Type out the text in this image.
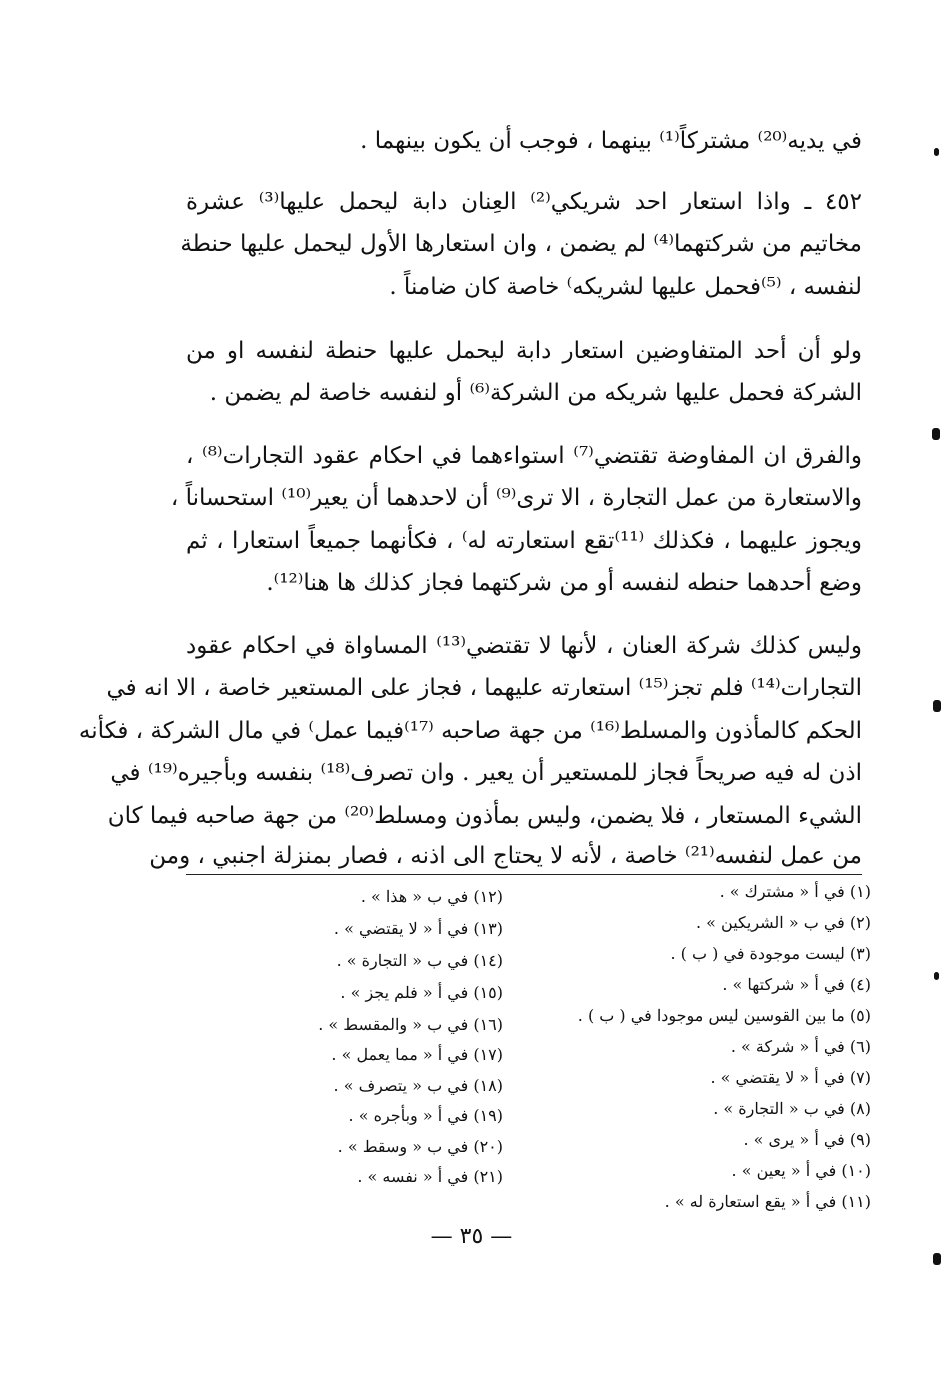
في يديه⁽²⁰⁾ مشتركاً⁽¹⁾ بينهما ، فوجب أن يكون بينهما .
٤٥٢ ـ واذا استعار احد شريكي⁽²⁾ العِنان دابة ليحمل عليها⁽³⁾ عشرة
مخاتيم من شركتهما⁽⁴⁾ لم يضمن ، وان استعارها الأول ليحمل عليها حنطة
لنفسه ، ⁽⁵⁾فحمل عليها لشريكه⁾ خاصة كان ضامناً .
ولو أن أحد المتفاوضين استعار دابة ليحمل عليها حنطة لنفسه او من
الشركة فحمل عليها شريكه من الشركة⁽⁶⁾ أو لنفسه خاصة لم يضمن .
والفرق ان المفاوضة تقتضي⁽⁷⁾ استواءهما في احكام عقود التجارات⁽⁸⁾ ،
والاستعارة من عمل التجارة ، الا ترى⁽⁹⁾ أن لاحدهما أن يعير⁽¹⁰⁾ استحساناً ،
ويجوز عليهما ، فكذلك ⁽¹¹⁾تقع استعارته له⁾ ، فكأنهما جميعاً استعارا ، ثم
وضع أحدهما حنطه لنفسه أو من شركتهما فجاز كذلك ها هنا⁽¹²⁾.
وليس كذلك شركة العنان ، لأنها لا تقتضي⁽¹³⁾ المساواة في احكام عقود
التجارات⁽¹⁴⁾ فلم تجز⁽¹⁵⁾ استعارته عليهما ، فجاز على المستعير خاصة ، الا انه في
الحكم كالمأذون والمسلط⁽¹⁶⁾ من جهة صاحبه ⁽¹⁷⁾فيما عمل⁾ في مال الشركة ، فكأنه
اذن له فيه صريحاً فجاز للمستعير أن يعير . وان تصرف⁽¹⁸⁾ بنفسه وبأجيره⁽¹⁹⁾ في
الشيء المستعار ، فلا يضمن، وليس بمأذون ومسلط⁽²⁰⁾ من جهة صاحبه فيما كان
من عمل لنفسه⁽²¹⁾ خاصة ، لأنه لا يحتاج الى اذنه ، فصار بمنزلة اجنبي ، ومن
(١) في أ « مشترك » .
(٢) في ب « الشريكين » .
(٣) ليست موجودة في ( ب ) .
(٤) في أ « شركتها » .
(٥) ما بين القوسين ليس موجودا في ( ب ) .
(٦) في أ « شركة » .
(٧) في أ « لا يقتضي » .
(٨) في ب « التجارة » .
(٩) في أ « يرى » .
(١٠) في أ « يعين » .
(١١) في أ « يقع استعارة له » .
(١٢) في ب « هذا » .
(١٣) في أ « لا يقتضي » .
(١٤) في ب « التجارة » .
(١٥) في أ « فلم يجز » .
(١٦) في ب « والمقسط » .
(١٧) في أ « مما يعمل » .
(١٨) في ب « يتصرف » .
(١٩) في أ « وبأجره » .
(٢٠) في ب « وسقط » .
(٢١) في أ « نفسه » .
— ٣٥ —
